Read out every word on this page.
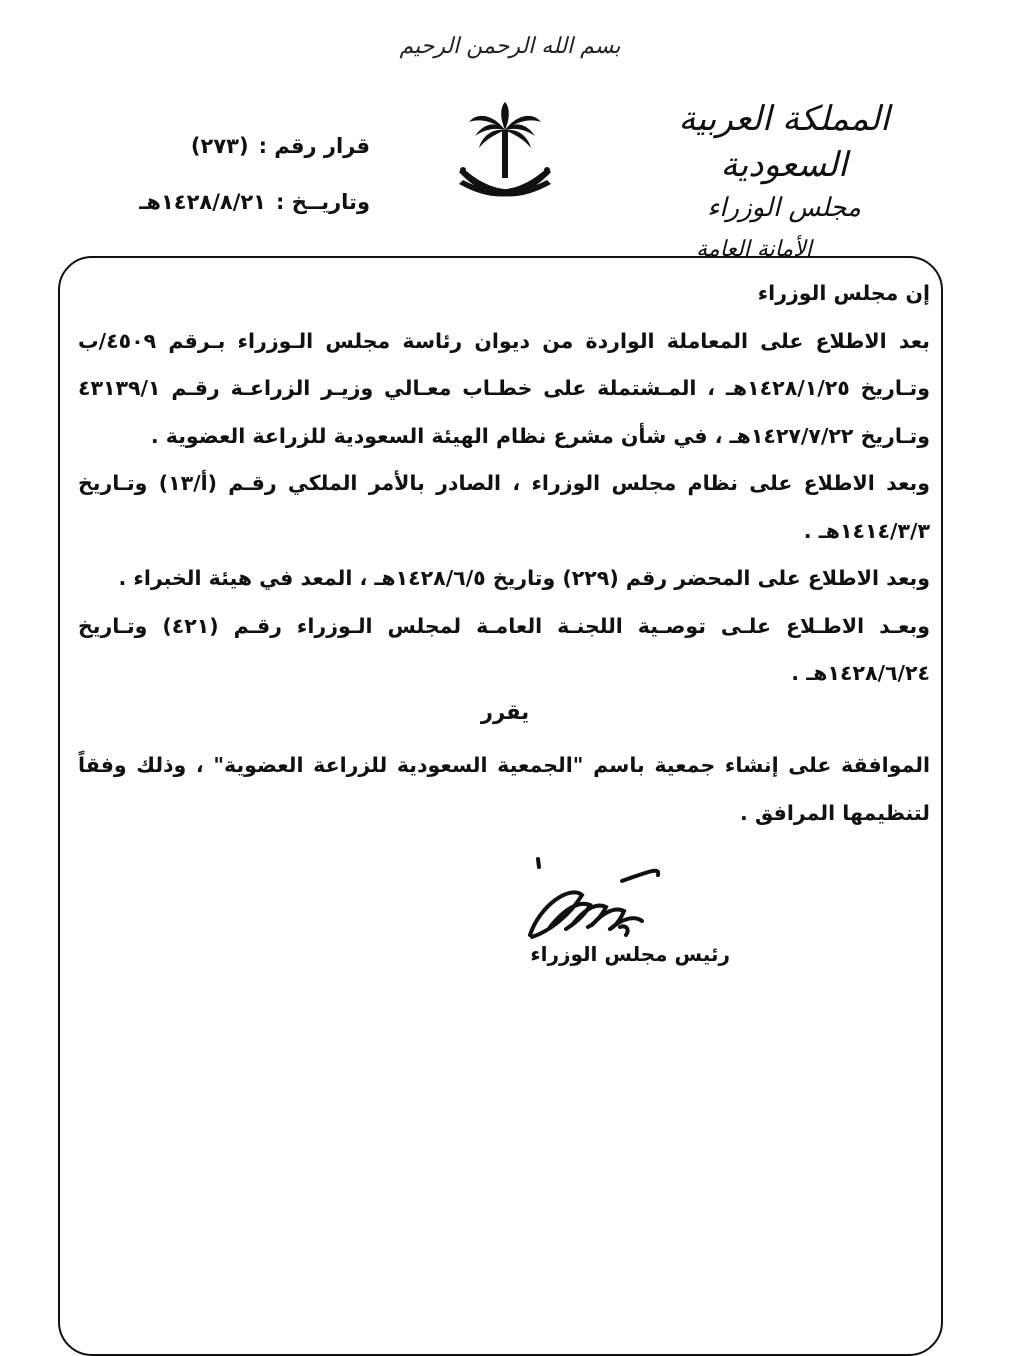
بسم الله الرحمن الرحيم
المملكة العربية السعودية
مجلس الوزراء
الأمانة العامة
قرار رقم :
(٢٧٣)
وتاريــخ :
١٤٢٨/٨/٢١هـ

إن مجلس الوزراء

بعد الاطلاع على المعاملة الواردة من ديوان رئاسة مجلس الـوزراء بـرقم ٤٥٠٩/ب وتـاريخ ١٤٢٨/١/٢٥هـ ، المـشتملة على خطـاب معـالي وزيـر الزراعـة رقـم ٤٣١٣٩/١ وتـاريخ ١٤٢٧/٧/٢٢هـ ، في شأن مشرع نظام الهيئة السعودية للزراعة العضوية .

وبعد الاطلاع على نظام مجلس الوزراء ، الصادر بالأمر الملكي رقـم (أ/١٣) وتـاريخ ١٤١٤/٣/٣هـ .

وبعد الاطلاع على المحضر رقم (٢٢٩) وتاريخ ١٤٢٨/٦/٥هـ ، المعد في هيئة الخبراء .

وبعـد الاطـلاع علـى توصـية اللجنـة العامـة لمجلس الـوزراء رقـم (٤٢١) وتـاريخ ١٤٢٨/٦/٢٤هـ .

يقرر
الموافقة على إنشاء جمعية باسم "الجمعية السعودية للزراعة العضوية" ، وذلك وفقاً لتنظيمها المرافق .
رئيس مجلس الوزراء
